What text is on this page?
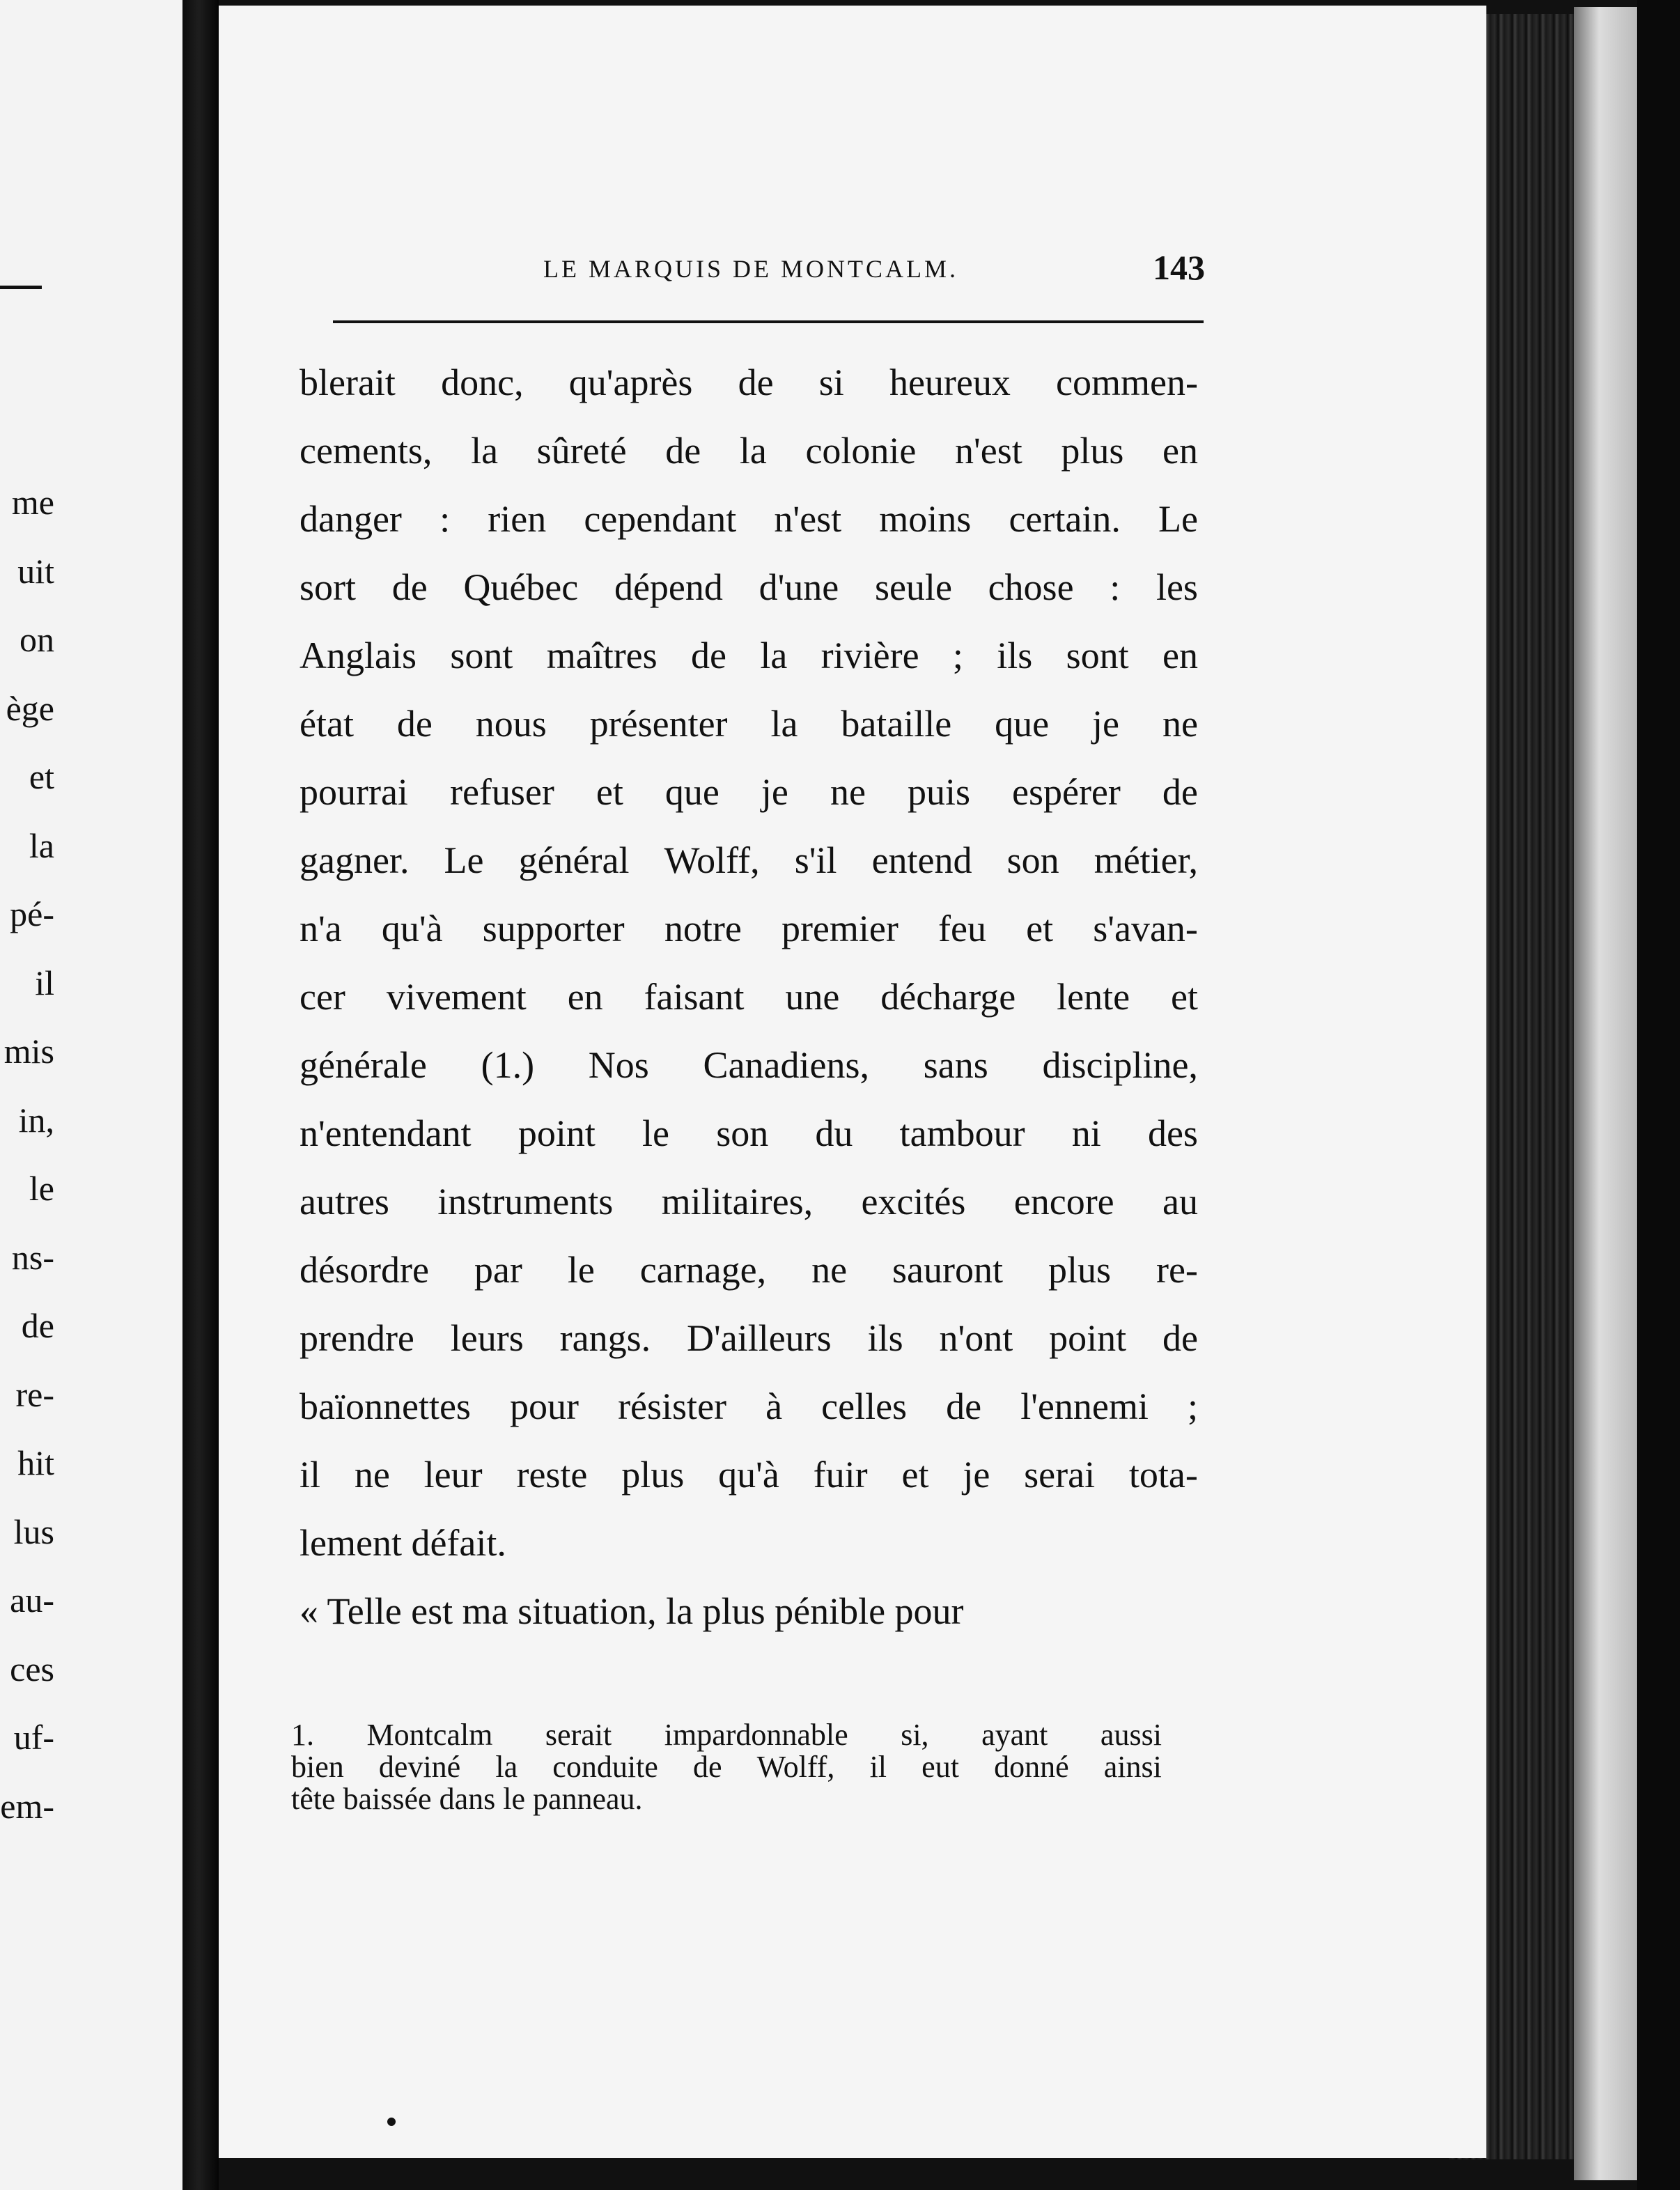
me
uit
on
ège
et
la
pé-
il
mis
in,
le
ns-
de
re-
hit
lus
au-
ces
uf-
em-
LE MARQUIS DE MONTCALM.	143
blerait donc, qu'après de si heureux commen-
cements, la sûreté de la colonie n'est plus en
danger : rien cependant n'est moins certain. Le
sort de Québec dépend d'une seule chose : les
Anglais sont maîtres de la rivière ; ils sont en
état de nous présenter la bataille que je ne
pourrai refuser et que je ne puis espérer de
gagner. Le général Wolff, s'il entend son métier,
n'a qu'à supporter notre premier feu et s'avan-
cer vivement en faisant une décharge lente et
générale (1.) Nos Canadiens, sans discipline,
n'entendant point le son du tambour ni des
autres instruments militaires, excités encore au
désordre par le carnage, ne sauront plus re-
prendre leurs rangs. D'ailleurs ils n'ont point de
baïonnettes pour résister à celles de l'ennemi ;
il ne leur reste plus qu'à fuir et je serai tota-
lement défait.
« Telle est ma situation, la plus pénible pour
1. Montcalm serait impardonnable si, ayant aussi
bien deviné la conduite de Wolff, il eut donné ainsi
tête baissée dans le panneau.
